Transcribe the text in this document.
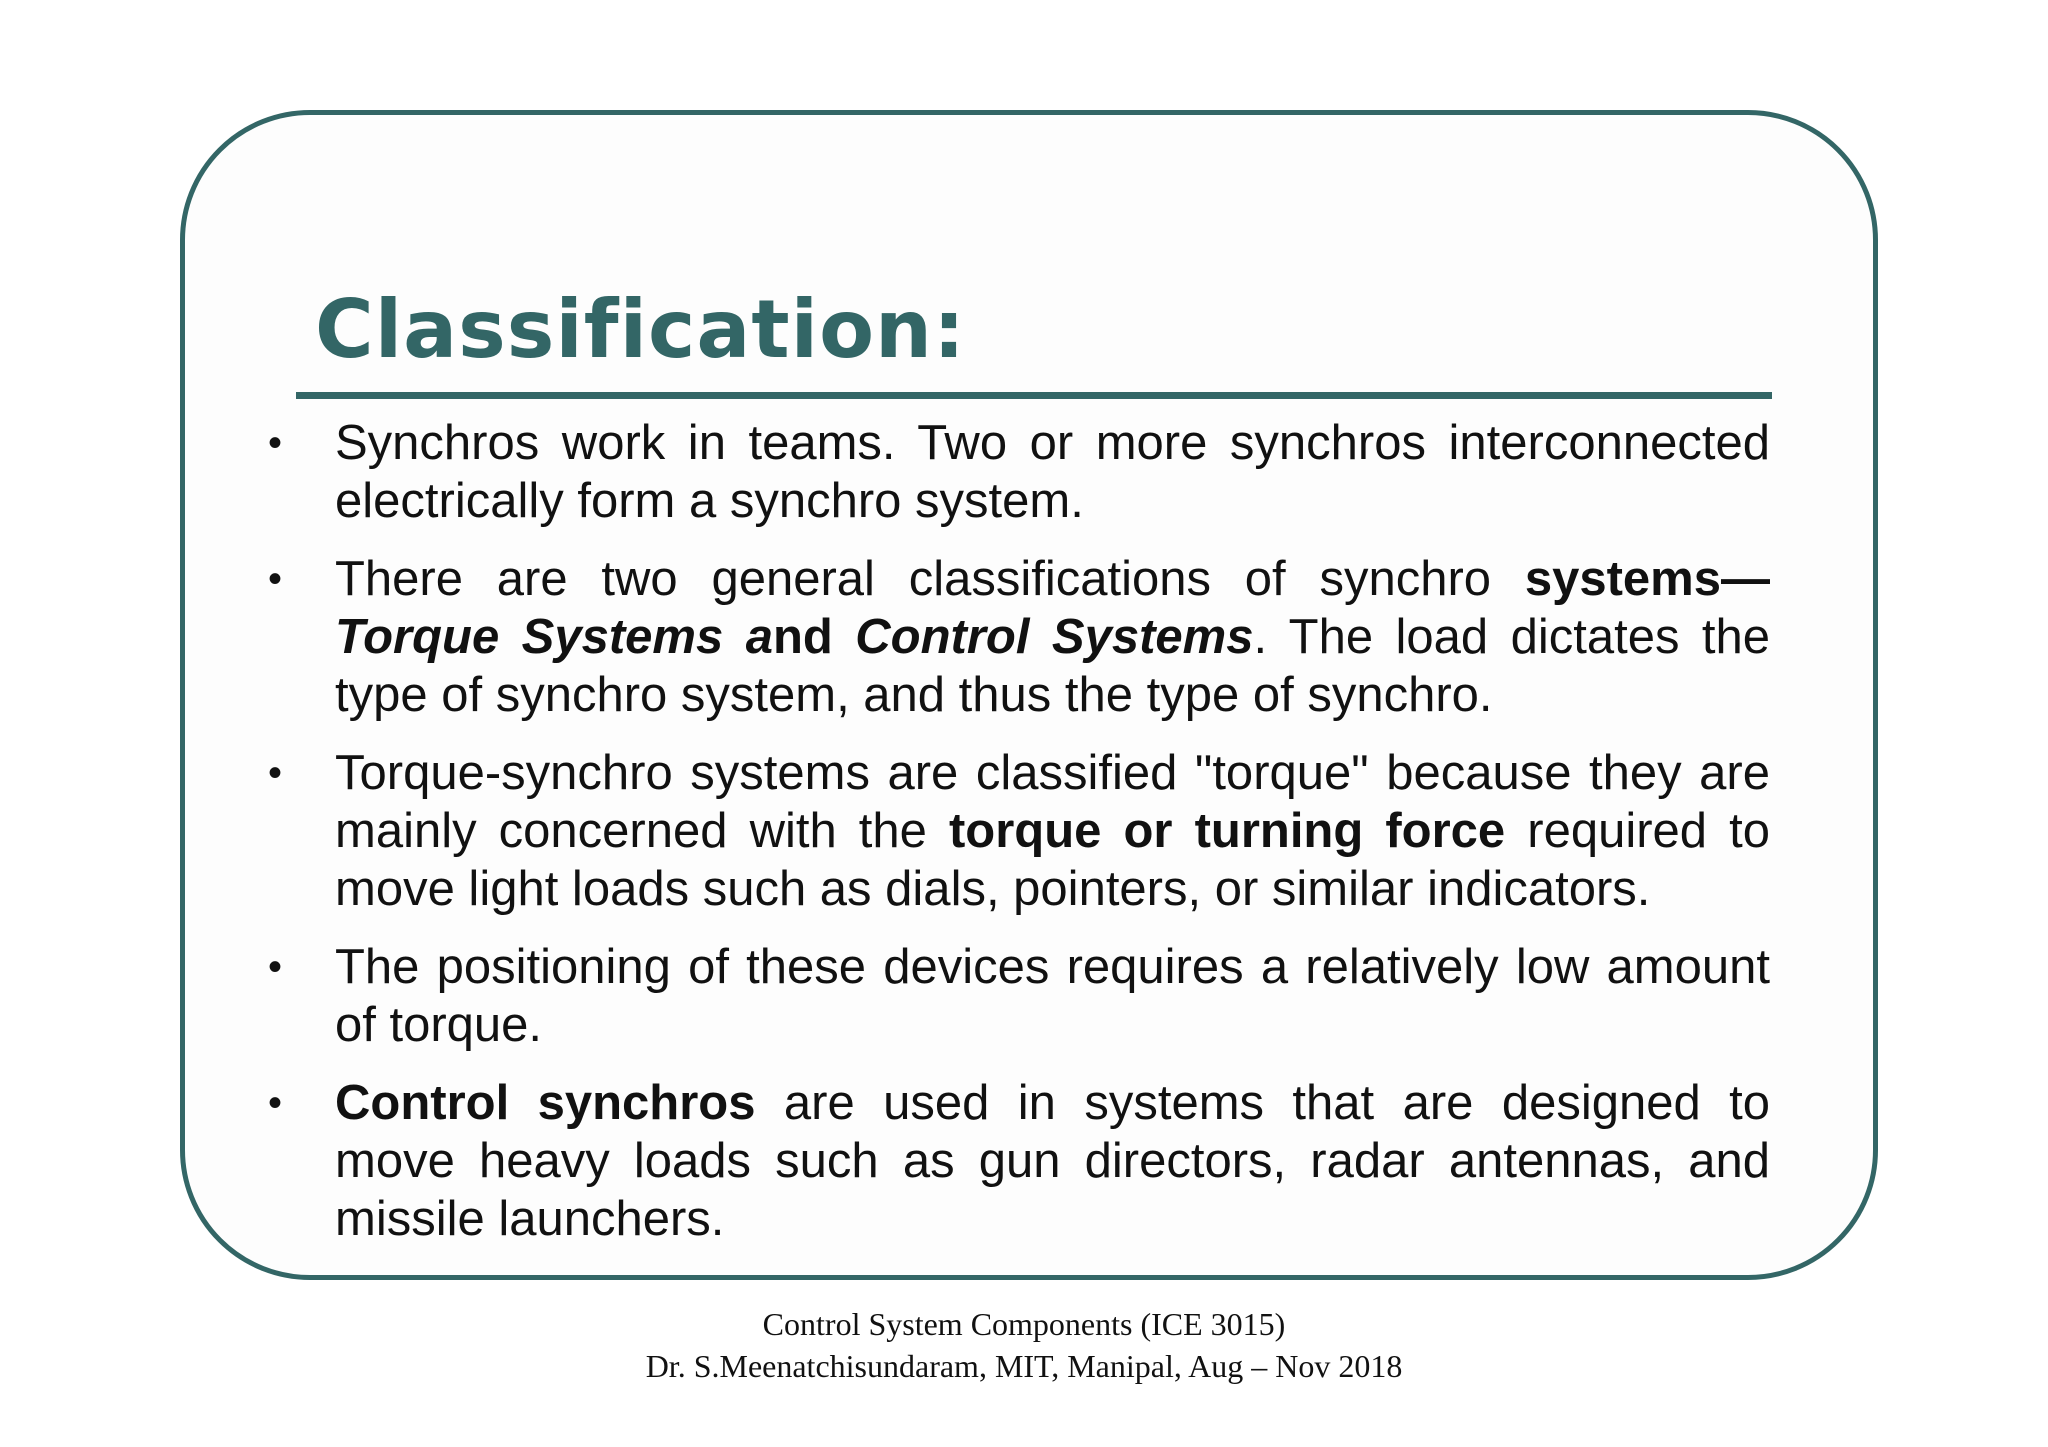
Classification:
• Synchros work in teams. Two or more synchros interconnected electrically form a synchro system.
• There are two general classifications of synchro systems—Torque Systems and Control Systems. The load dictates the type of synchro system, and thus the type of synchro.
• Torque-synchro systems are classified "torque" because they are mainly concerned with the torque or turning force required to move light loads such as dials, pointers, or similar indicators.
• The positioning of these devices requires a relatively low amount of torque.
• Control synchros are used in systems that are designed to move heavy loads such as gun directors, radar antennas, and missile launchers.
Control System Components (ICE 3015)
Dr. S.Meenatchisundaram, MIT, Manipal, Aug – Nov 2018
